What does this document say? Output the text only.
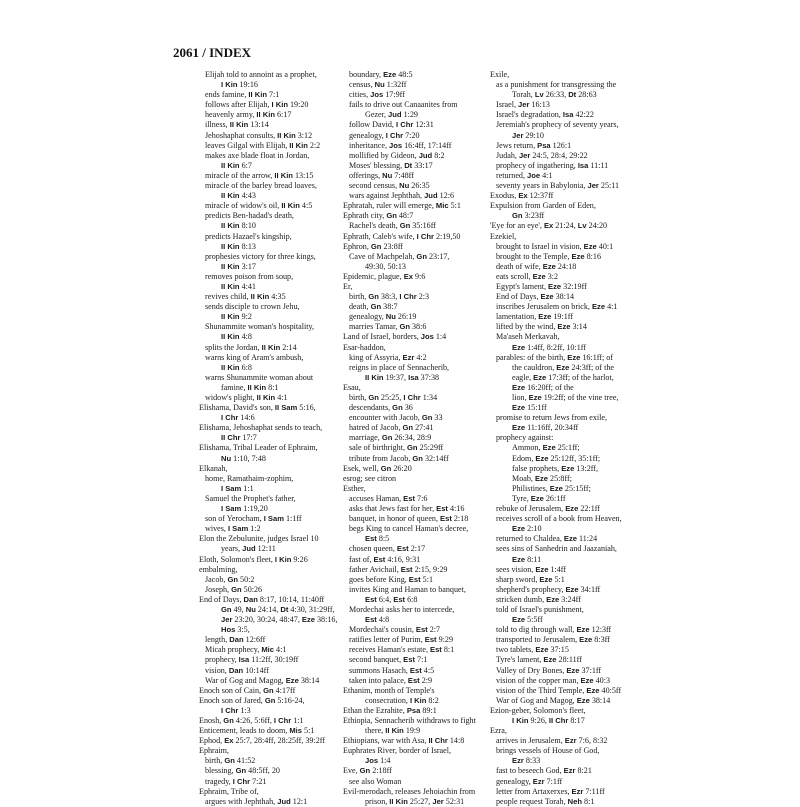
2061 / INDEX

Elijah told to annoint as a prophet,

I Kin 19:16

ends famine, II Kin 7:1

follows after Elijah, I Kin 19:20

heavenly army, II Kin 6:17

illness, II Kin 13:14

Jehoshaphat consults, II Kin 3:12

leaves Gilgal with Elijah, II Kin 2:2

makes axe blade float in Jordan,

II Kin 6:7

miracle of the arrow, II Kin 13:15

miracle of the barley bread loaves,

II Kin 4:43

miracle of widow's oil, II Kin 4:5

predicts Ben-hadad's death,

II Kin 8:10

predicts Hazael's kingship,

II Kin 8:13

prophesies victory for three kings,

II Kin 3:17

removes poison from soup,

II Kin 4:41

revives child, II Kin 4:35

sends disciple to crown Jehu,

II Kin 9:2

Shunammite woman's hospitality,

II Kin 4:8

splits the Jordan, II Kin 2:14

warns king of Aram's ambush,

II Kin 6:8

warns Shunammite woman about

famine, II Kin 8:1

widow's plight, II Kin 4:1

Elishama, David's son, II Sam 5:16,

I Chr 14:6

Elishama, Jehoshaphat sends to teach,

II Chr 17:7

Elishama, Tribal Leader of Ephraim,

Nu 1:10, 7:48

Elkanah,

home, Ramathaim-zophim,

I Sam 1:1

Samuel the Prophet's father,

I Sam 1:19,20

son of Yerocham, I Sam 1:1ff

wives, I Sam 1:2

Elon the Zebulunite, judges Israel 10

years, Jud 12:11

Eloth, Solomon's fleet, I Kin 9:26

embalming,

Jacob, Gn 50:2

Joseph, Gn 50:26

End of Days, Dan 8:17, 10:14, 11:40ff

Gn 49, Nu 24:14, Dt 4:30, 31:29ff,

Jer 23:20, 30:24, 48:47, Eze 38:16,

Hos 3:5,

length, Dan 12:6ff

Micah prophecy, Mic 4:1

prophecy, Isa 11:2ff, 30:19ff

vision, Dan 10:14ff

War of Gog and Magog, Eze 38:14

Enoch son of Cain, Gn 4:17ff

Enoch son of Jared, Gn 5:16-24,

I Chr 1:3

Enosh, Gn 4:26, 5:6ff, I Chr 1:1

Enticement, leads to doom, Mis 5:1

Ephod, Ex 25:7, 28:4ff, 28:25ff, 39:2ff

Ephraim,

birth, Gn 41:52

blessing, Gn 48:5ff, 20

tragedy, I Chr 7:21

Ephraim, Tribe of,

argues with Jephthah, Jud 12:1

boundary, Eze 48:5

census, Nu 1:32ff

cities, Jos 17:9ff

fails to drive out Canaanites from

Gezer, Jud 1:29

follow David, I Chr 12:31

genealogy, I Chr 7:20

inheritance, Jos 16:4ff, 17:14ff

mollified by Gideon, Jud 8:2

Moses' blessing, Dt 33:17

offerings, Nu 7:48ff

second census, Nu 26:35

wars against Jephthah, Jud 12:6

Ephratah, ruler will emerge, Mic 5:1

Ephrath city, Gn 48:7

Rachel's death, Gn 35:16ff

Ephrath, Caleb's wife, I Chr 2:19,50

Ephron, Gn 23:8ff

Cave of Machpelah, Gn 23:17,

49:30, 50:13

Epidemic, plague, Ex 9:6

Er,

birth, Gn 38:3, I Chr 2:3

death, Gn 38:7

genealogy, Nu 26:19

marries Tamar, Gn 38:6

Land of Israel, borders, Jos 1:4

Esar-haddon,

king of Assyria, Ezr 4:2

reigns in place of Sennacherib,

II Kin 19:37, Isa 37:38

Esau,

birth, Gn 25:25, I Chr 1:34

descendants, Gn 36

encounter with Jacob, Gn 33

hatred of Jacob, Gn 27:41

marriage, Gn 26:34, 28:9

sale of birthright, Gn 25:29ff

tribute from Jacob, Gn 32:14ff

Esek, well, Gn 26:20

esrog; see citron

Esther,

accuses Haman, Est 7:6

asks that Jews fast for her, Est 4:16

banquet, in honor of queen, Est 2:18

begs King to cancel Haman's decree,

Est 8:5

chosen queen, Est 2:17

fast of, Est 4:16, 9:31

father Avichail, Est 2:15, 9:29

goes before King, Est 5:1

invites King and Haman to banquet,

Est 6:4, Est 6:8

Mordechai asks her to intercede,

Est 4:8

Mordechai's cousin, Est 2:7

ratifies letter of Purim, Est 9:29

receives Haman's estate, Est 8:1

second banquet, Est 7:1

summons Hasach, Est 4:5

taken into palace, Est 2:9

Ethanim, month of Temple's

consecration, I Kin 8:2

Ethan the Ezrahite, Psa 89:1

Ethiopia, Sennacherib withdraws to fight

there, II Kin 19:9

Ethiopians, war with Asa, II Chr 14:8

Euphrates River, border of Israel,

Jos 1:4

Eve, Gn 2:18ff

see also Woman

Evil-merodach, releases Jehoiachin from

prison, II Kin 25:27, Jer 52:31

Exile,

as a punishment for transgressing the

Torah, Lv 26:33, Dt 28:63

Israel, Jer 16:13

Israel's degradation, Isa 42:22

Jeremiah's prophecy of seventy years,

Jer 29:10

Jews return, Psa 126:1

Judah, Jer 24:5, 28:4, 29:22

prophecy of ingathering, Isa 11:11

returned, Joe 4:1

seventy years in Babylonia, Jer 25:11

Exodus, Ex 12:37ff

Expulsion from Garden of Eden,

Gn 3:23ff

'Eye for an eye', Ex 21:24, Lv 24:20

Ezekiel,

brought to Israel in vision, Eze 40:1

brought to the Temple, Eze 8:16

death of wife, Eze 24:18

eats scroll, Eze 3:2

Egypt's lament, Eze 32:19ff

End of Days, Eze 38:14

inscribes Jerusalem on brick, Eze 4:1

lamentation, Eze 19:1ff

lifted by the wind, Eze 3:14

Ma'aseh Merkavah,

Eze 1:4ff, 8:2ff, 10:1ff

parables: of the birth, Eze 16:1ff; of

the cauldron, Eze 24:3ff; of the

eagle, Eze 17:3ff; of the harlot,

Eze 16:20ff; of the

lion, Eze 19:2ff; of the vine tree,

Eze 15:1ff

promise to return Jews from exile,

Eze 11:16ff, 20:34ff

prophecy against:

Ammon, Eze 25:1ff;

Edom, Eze 25:12ff, 35:1ff;

false prophets, Eze 13:2ff,

Moab, Eze 25:8ff;

Philistines, Eze 25:15ff;

Tyre, Eze 26:1ff

rebuke of Jerusalem, Eze 22:1ff

receives scroll of a book from Heaven,

Eze 2:10

returned to Chaldea, Eze 11:24

sees sins of Sanhedrin and Jaazaniah,

Eze 8:11

sees vision, Eze 1:4ff

sharp sword, Eze 5:1

shepherd's prophecy, Eze 34:1ff

stricken dumb, Eze 3:24ff

told of Israel's punishment,

Eze 5:5ff

told to dig through wall, Eze 12:3ff

transported to Jerusalem, Eze 8:3ff

two tablets, Eze 37:15

Tyre's lament, Eze 28:11ff

Valley of Dry Bones, Eze 37:1ff

vision of the copper man, Eze 40:3

vision of the Third Temple, Eze 40:5ff

War of Gog and Magog, Eze 38:14

Ezion-geber, Solomon's fleet,

I Kin 9:26, II Chr 8:17

Ezra,

arrives in Jerusalem, Ezr 7:6, 8:32

brings vessels of House of God,

Ezr 8:33

fast to beseech God, Ezr 8:21

genealogy, Ezr 7:1ff

letter from Artaxerxes, Ezr 7:11ff

people request Torah, Neh 8:1
